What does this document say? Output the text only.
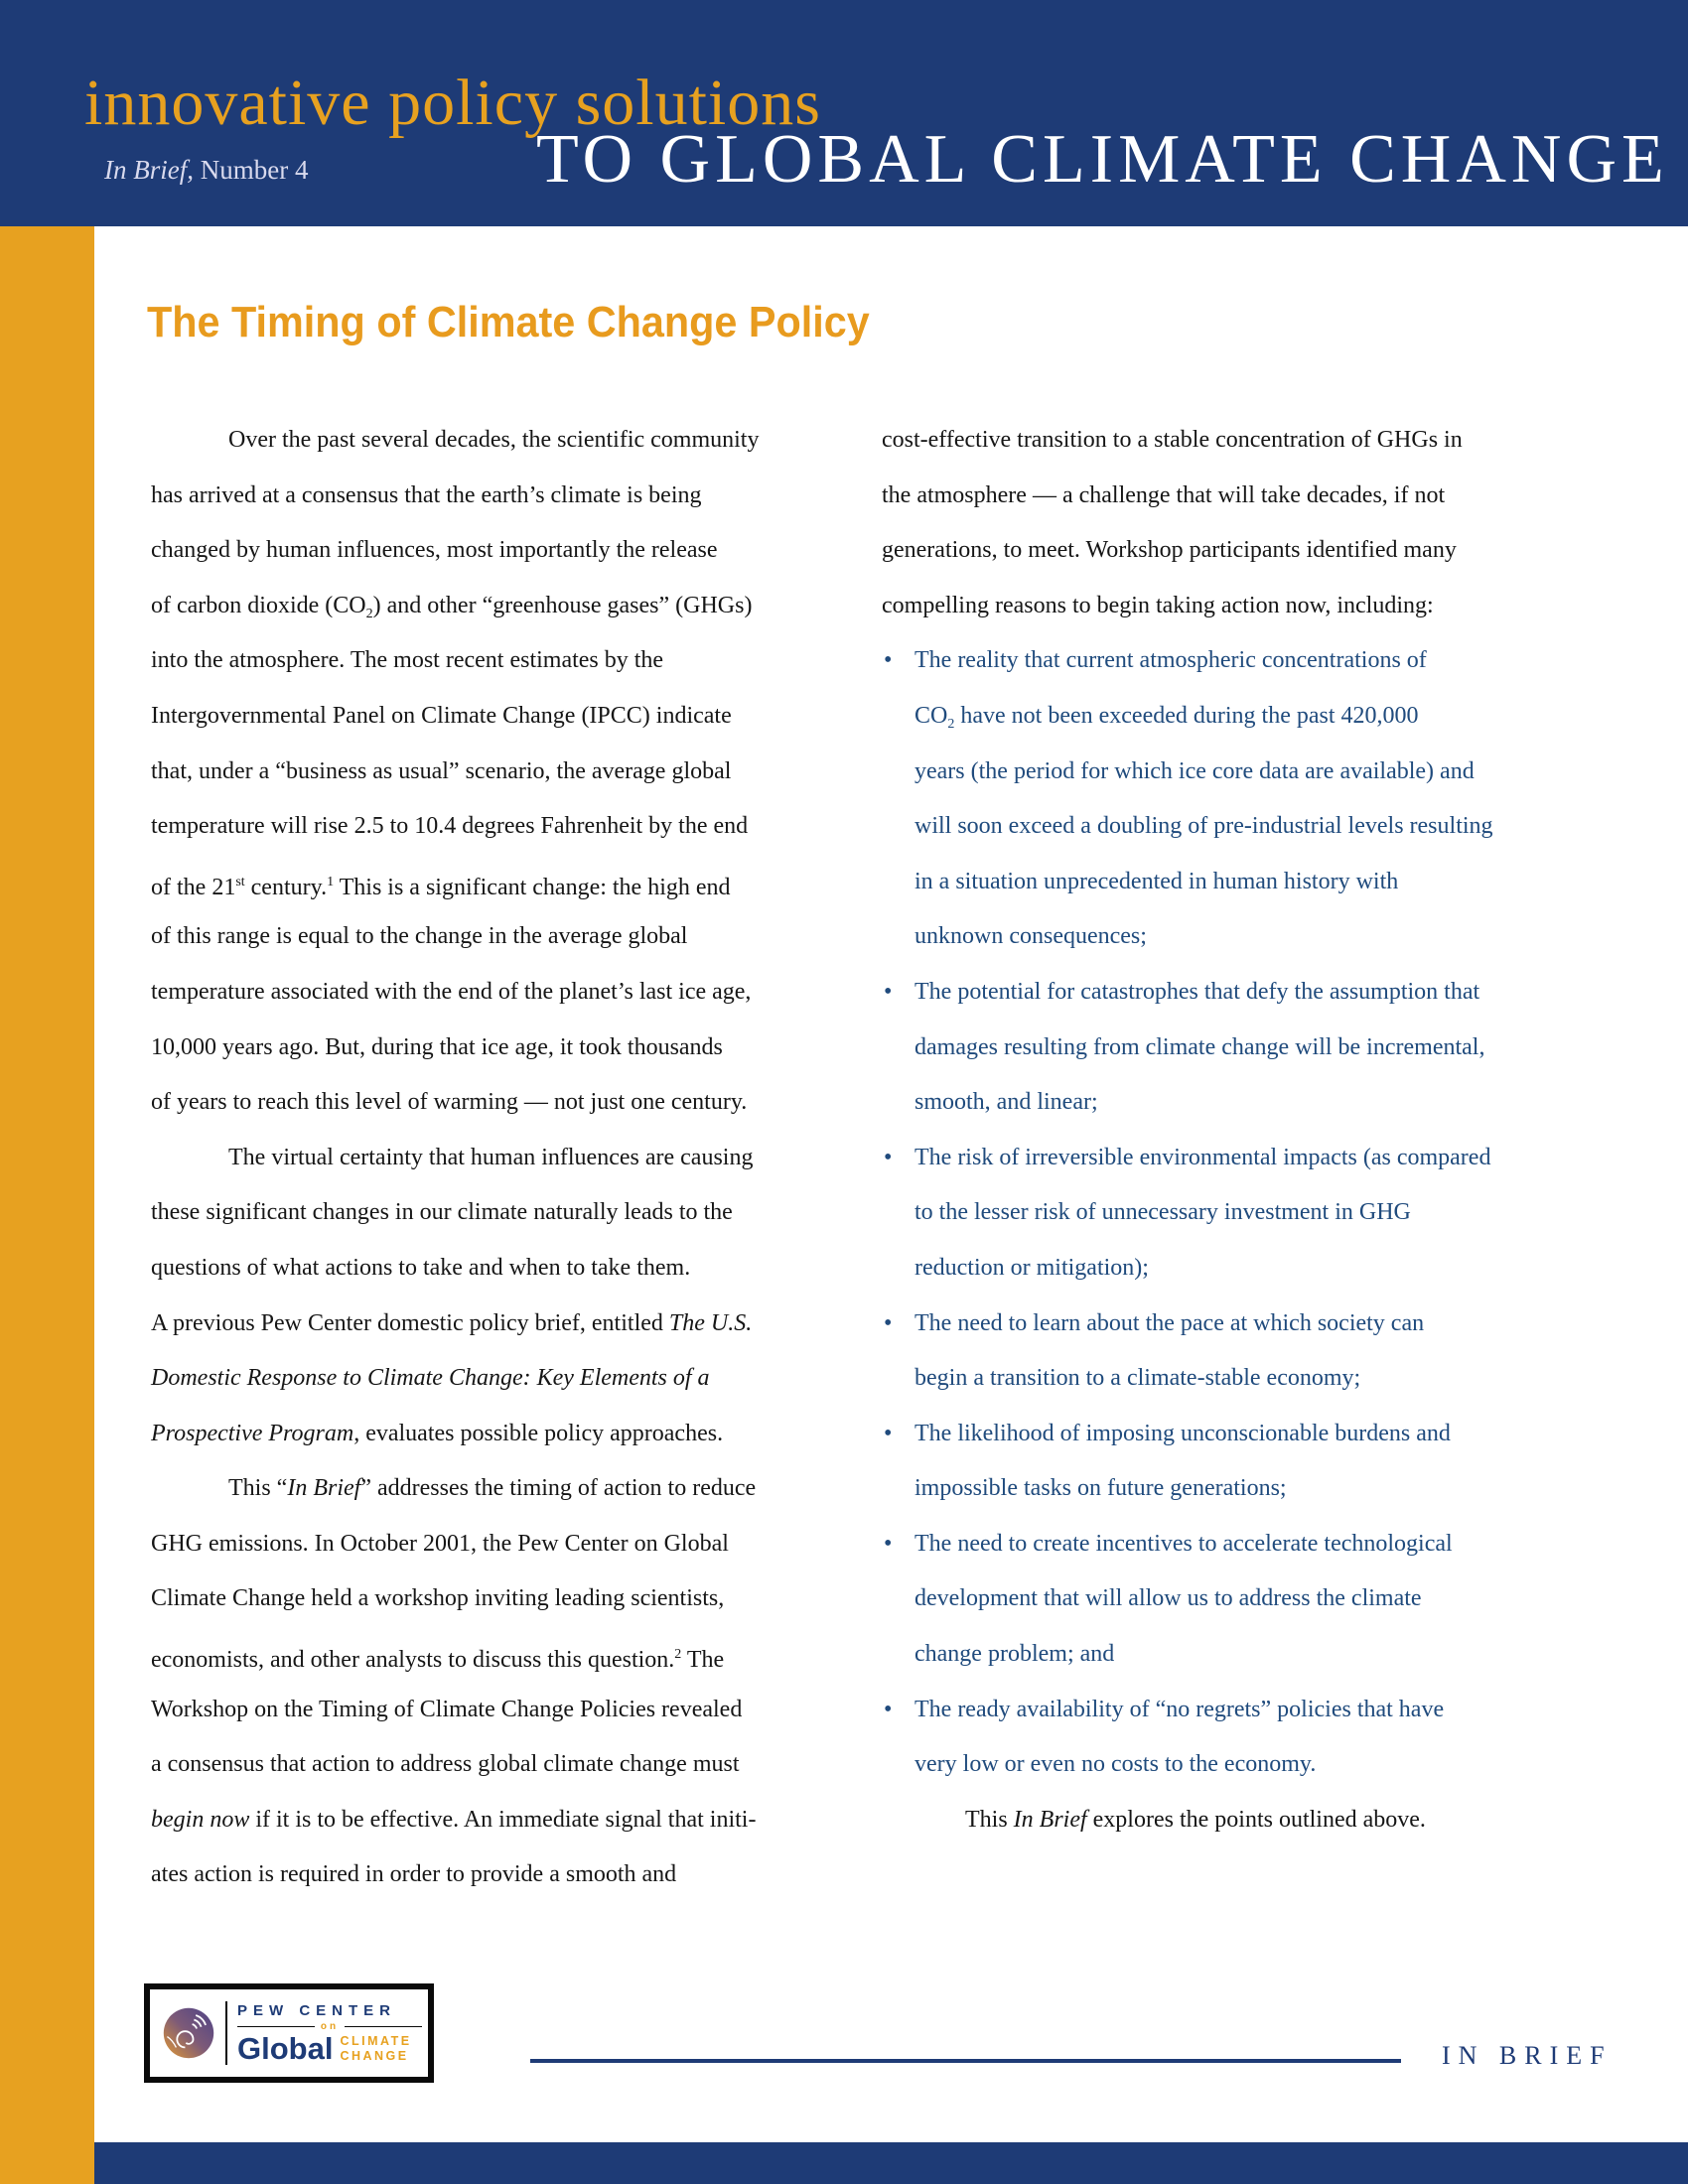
innovative policy solutions
TO GLOBAL CLIMATE CHANGE
In Brief, Number 4
The Timing of Climate Change Policy
Over the past several decades, the scientific community
has arrived at a consensus that the earth’s climate is being
changed by human influences, most importantly the release
of carbon dioxide $(CO_2)$ and other “greenhouse gases” (GHGs)
into the atmosphere. The most recent estimates by the
Intergovernmental Panel on Climate Change (IPCC) indicate
that, under a “business as usual” scenario, the average global
temperature will rise 2.5 to 10.4 degrees Fahrenheit by the end
of the 21st century.$^1$ This is a significant change: the high end
of this range is equal to the change in the average global
temperature associated with the end of the planet’s last ice age,
10,000 years ago. But, during that ice age, it took thousands
of years to reach this level of warming — not just one century.
The virtual certainty that human influences are causing
these significant changes in our climate naturally leads to the
questions of what actions to take and when to take them.
A previous Pew Center domestic policy brief, entitled The U.S.
Domestic Response to Climate Change: Key Elements of a
Prospective Program, evaluates possible policy approaches.
This “In Brief” addresses the timing of action to reduce
GHG emissions. In October 2001, the Pew Center on Global
Climate Change held a workshop inviting leading scientists,
economists, and other analysts to discuss this question.$^2$ The
Workshop on the Timing of Climate Change Policies revealed
a consensus that action to address global climate change must
begin now if it is to be effective. An immediate signal that initi-
ates action is required in order to provide a smooth and
cost-effective transition to a stable concentration of GHGs in
the atmosphere — a challenge that will take decades, if not
generations, to meet. Workshop participants identified many
compelling reasons to begin taking action now, including:
• The reality that current atmospheric concentrations of
$CO_2$ have not been exceeded during the past 420,000
years (the period for which ice core data are available) and
will soon exceed a doubling of pre-industrial levels resulting
in a situation unprecedented in human history with
unknown consequences;
• The potential for catastrophes that defy the assumption that
damages resulting from climate change will be incremental,
smooth, and linear;
• The risk of irreversible environmental impacts (as compared
to the lesser risk of unnecessary investment in GHG
reduction or mitigation);
• The need to learn about the pace at which society can
begin a transition to a climate-stable economy;
• The likelihood of imposing unconscionable burdens and
impossible tasks on future generations;
• The need to create incentives to accelerate technological
development that will allow us to address the climate
change problem; and
• The ready availability of “no regrets” policies that have
very low or even no costs to the economy.
This In Brief explores the points outlined above.
PEW CENTER
on
Global CLIMATE
CHANGE	IN BRIEF
